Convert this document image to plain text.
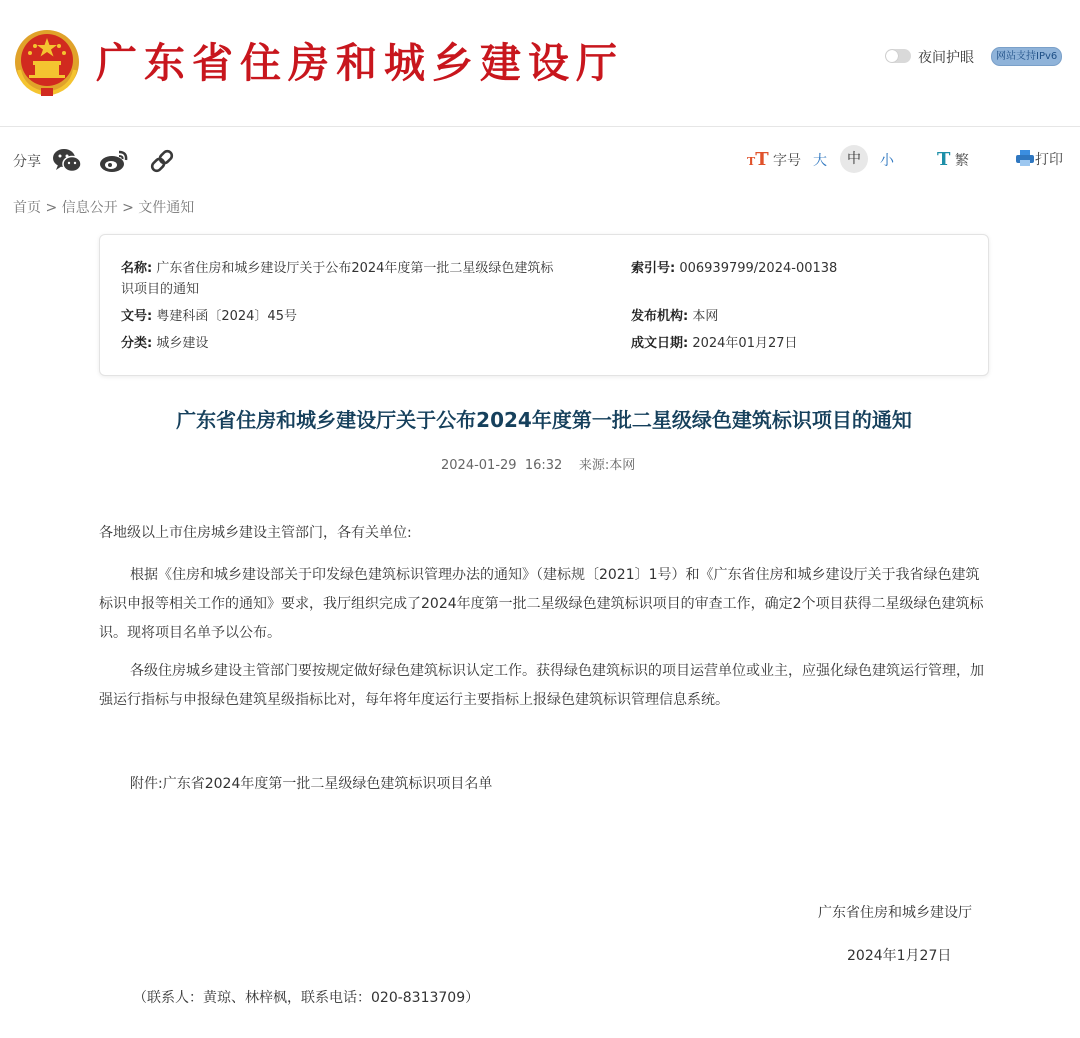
广东省住房和城乡建设厅	夜间护眼	网站支持IPv6
分享	TT 字号 大	中	小 T 繁	打印
首页 > 信息公开 > 文件通知
名称: 广东省住房和城乡建设厅关于公布2024年度第一批二星级绿色建筑标
识项目的通知
索引号: 006939799/2024-00138
文号: 粤建科函〔2024〕45号	发布机构: 本网
分类: 城乡建设	成文日期: 2024年01月27日
广东省住房和城乡建设厅关于公布2024年度第一批二星级绿色建筑标识项目的通知
2024-01-29  16:32 来源:本网
各地级以上市住房城乡建设主管部门，各有关单位:
根据《住房和城乡建设部关于印发绿色建筑标识管理办法的通知》（建标规〔2021〕1号）和《广东省住房和城乡建设厅关于我省绿色建筑标识申报等相关工作的通知》要求，我厅组织完成了2024年度第一批二星级绿色建筑标识项目的审查工作，确定2个项目获得二星级绿色建筑标识。现将项目名单予以公布。
各级住房城乡建设主管部门要按规定做好绿色建筑标识认定工作。获得绿色建筑标识的项目运营单位或业主，应强化绿色建筑运行管理，加强运行指标与申报绿色建筑星级指标比对，每年将年度运行主要指标上报绿色建筑标识管理信息系统。
附件:广东省2024年度第一批二星级绿色建筑标识项目名单
广东省住房和城乡建设厅
2024年1月27日
（联系人：黄琼、林梓枫，联系电话：020-8313709）
